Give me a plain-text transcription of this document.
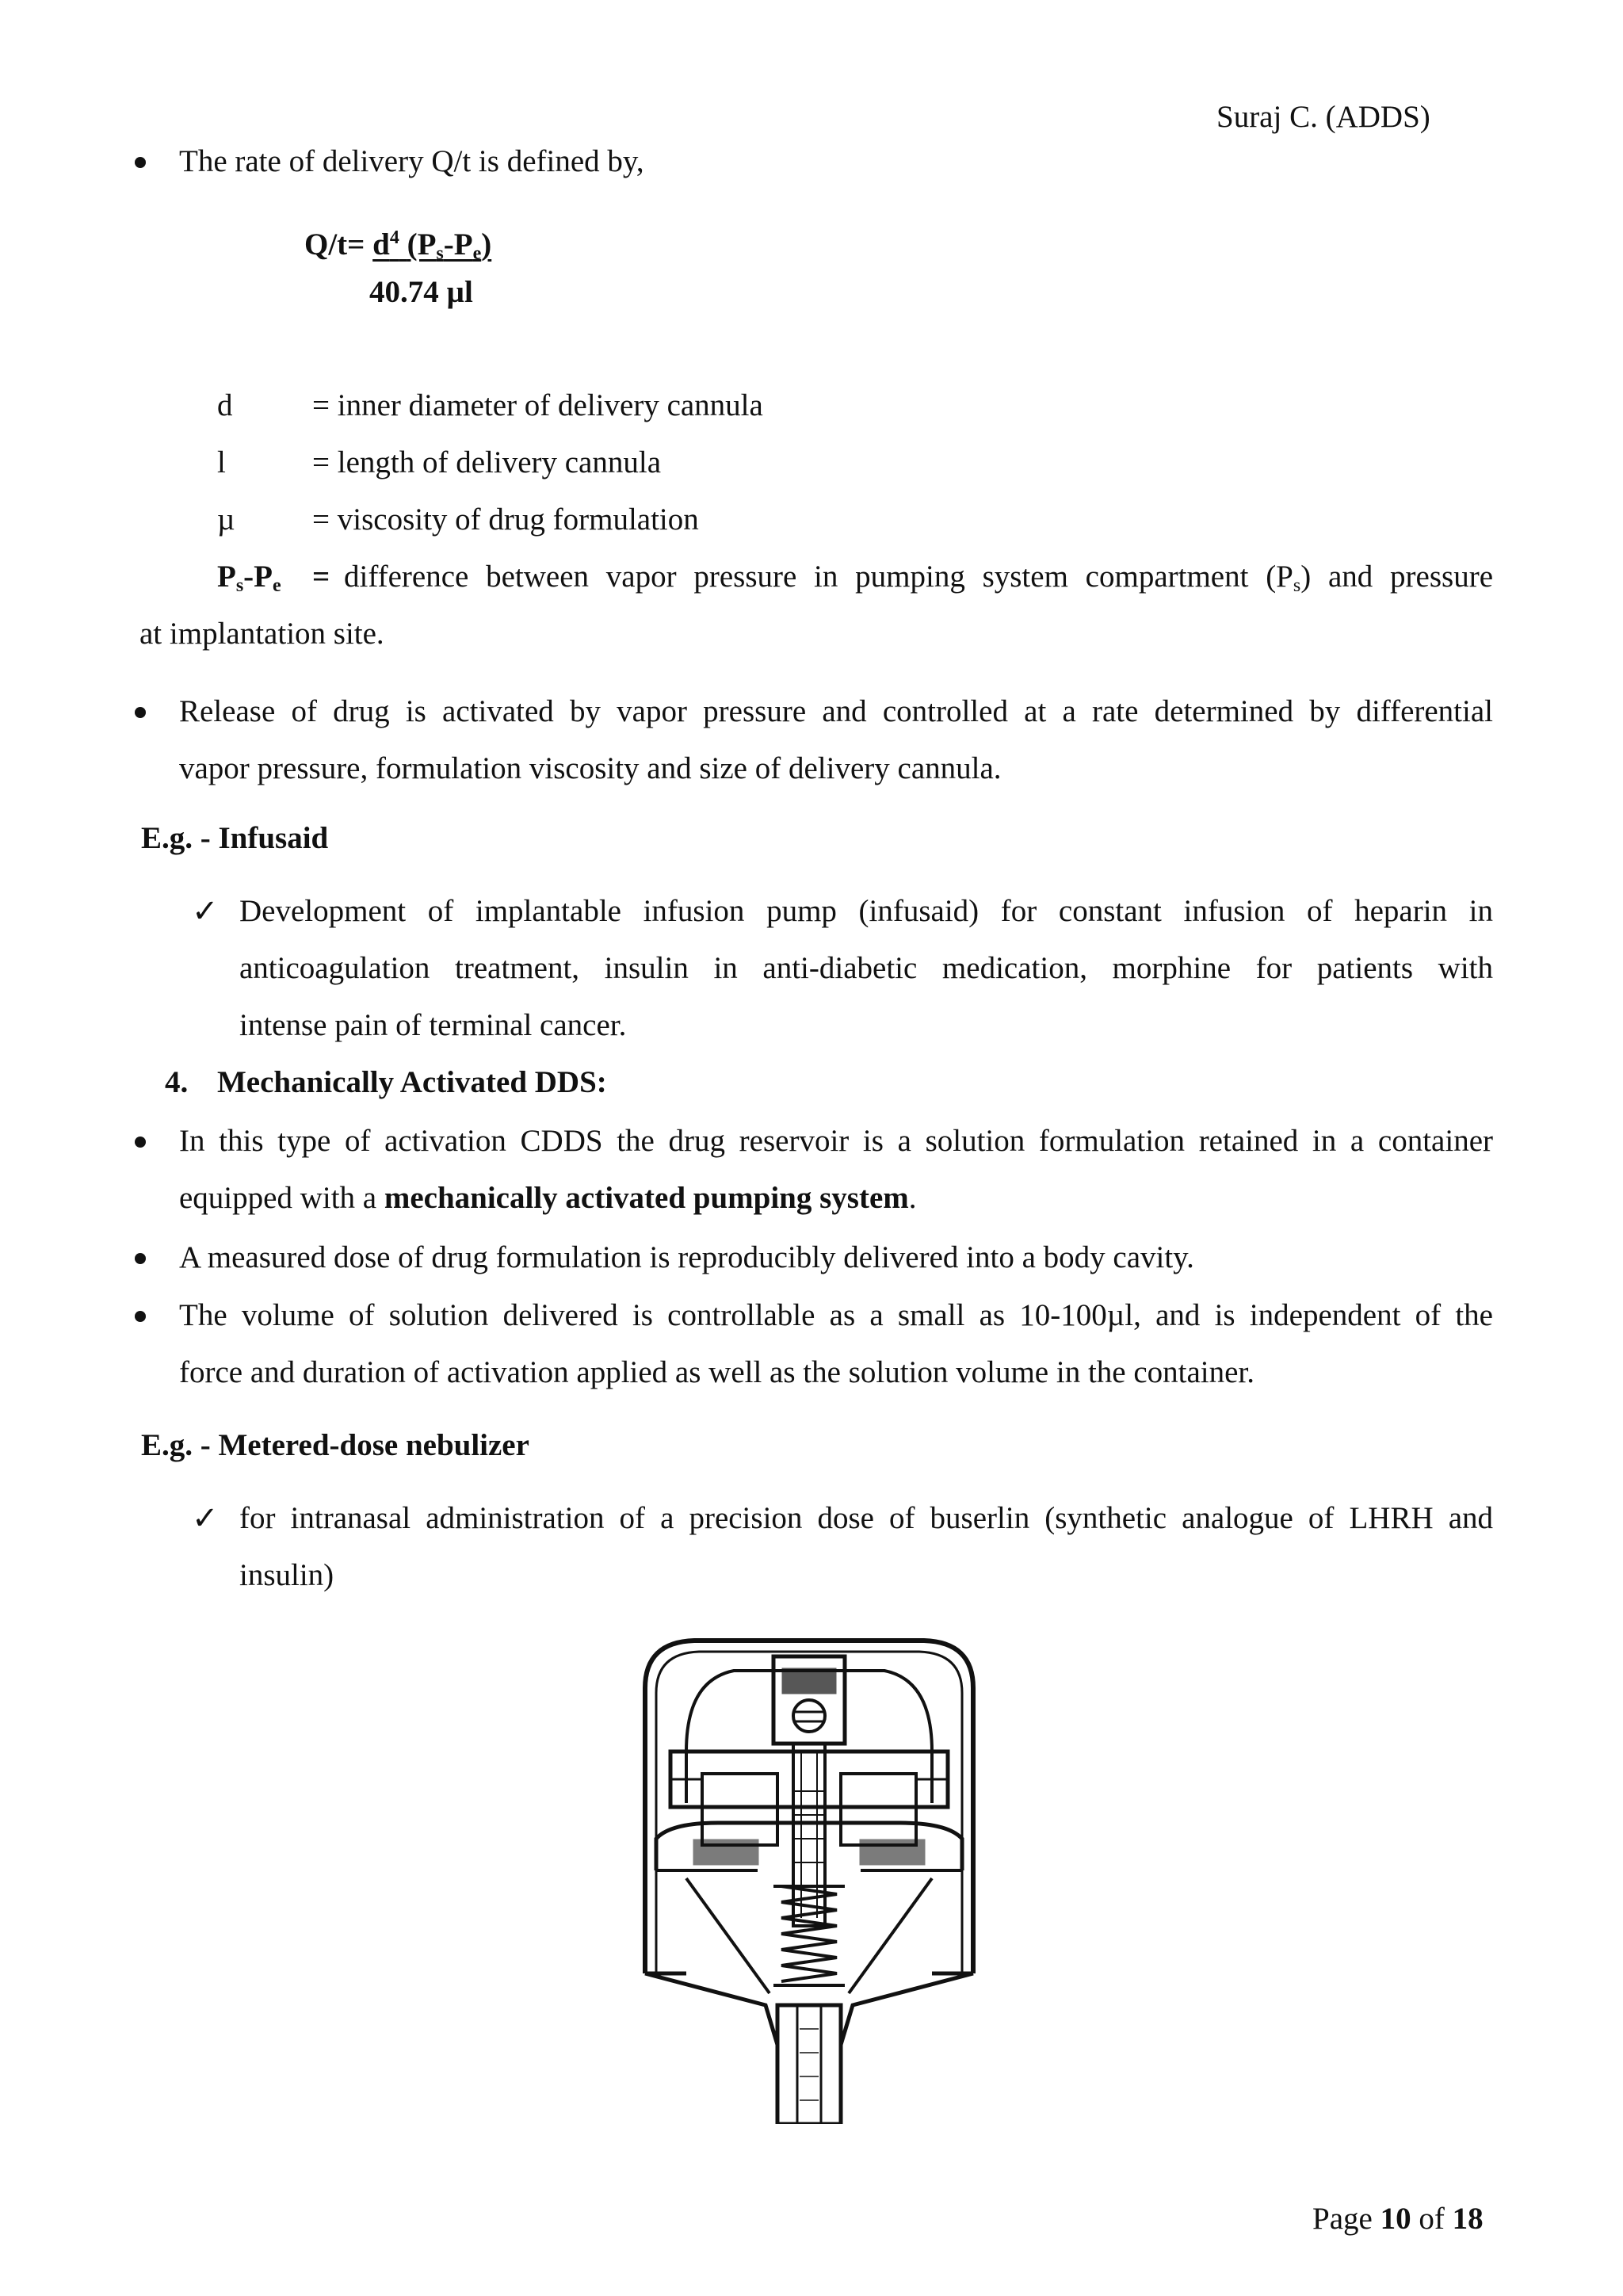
Suraj C. (ADDS)
The rate of delivery Q/t is defined by,
$Q/t= d^4$ $(P_s-P_e)$
40.74 µl
d	= inner diameter of delivery cannula
l	= length of delivery cannula
µ	= viscosity of drug formulation
$P_s-P_e$ = difference between vapor pressure in pumping system compartment $(P_s)$ and pressure
at implantation site.
Release of drug is activated by vapor pressure and controlled at a rate determined by differential
vapor pressure, formulation viscosity and size of delivery cannula.
E.g. - Infusaid
✓ Development of implantable infusion pump (infusaid) for constant infusion of heparin in
anticoagulation treatment, insulin in anti-diabetic medication, morphine for patients with
intense pain of terminal cancer.
4. Mechanically Activated DDS:
In this type of activation CDDS the drug reservoir is a solution formulation retained in a container
equipped with a mechanically activated pumping system.
A measured dose of drug formulation is reproducibly delivered into a body cavity.
The volume of solution delivered is controllable as a small as 10-100µl, and is independent of the
force and duration of activation applied as well as the solution volume in the container.
E.g. - Metered-dose nebulizer
✓ for intranasal administration of a precision dose of buserlin (synthetic analogue of LHRH and
insulin)
Page 10 of 18
